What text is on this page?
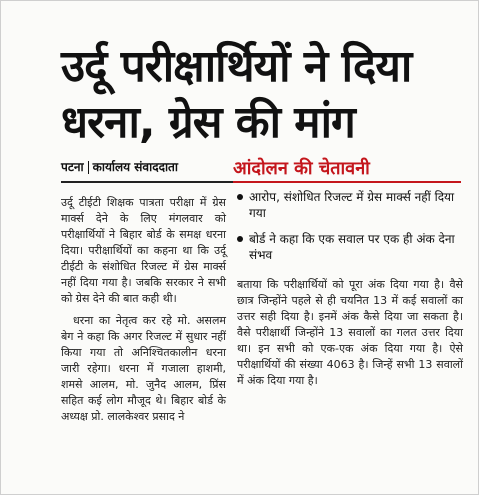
उर्दू परीक्षार्थियों ने दिया
धरना, ग्रेस की मांग
पटना कार्यालय संवाददाता	आंदोलन की चेतावनी
आरोप, संशोधित रिजल्ट में ग्रेस मार्क्स नहीं दिया गया
बोर्ड ने कहा कि एक सवाल पर एक ही अंक देना संभव

उर्दू टीईटी शिक्षक पात्रता परीक्षा में ग्रेस मार्क्स देने के लिए मंगलवार को परीक्षार्थियों ने बिहार बोर्ड के समक्ष धरना दिया। परीक्षार्थियों का कहना था कि उर्दू टीईटी के संशोधित रिजल्ट में ग्रेस मार्क्स नहीं दिया गया है। जबकि सरकार ने सभी को ग्रेस देने की बात कही थी।

धरना का नेतृत्व कर रहे मो. असलम बेग ने कहा कि अगर रिजल्ट में सुधार नहीं किया गया तो अनिश्चितकालीन धरना जारी रहेगा। धरना में गजाला हाशमी, शमसे आलम, मो. जुनैद आलम, प्रिंस सहित कई लोग मौजूद थे। बिहार बोर्ड के अध्यक्ष प्रो. लालकेश्वर प्रसाद ने

बताया कि परीक्षार्थियों को पूरा अंक दिया गया है। वैसे छात्र जिन्होंने पहले से ही चयनित 13 में कई सवालों का उत्तर सही दिया है। इनमें अंक कैसे दिया जा सकता है। वैसे परीक्षार्थी जिन्होंने 13 सवालों का गलत उत्तर दिया था। इन सभी को एक-एक अंक दिया गया है। ऐसे परीक्षार्थियों की संख्या 4063 है। जिन्हें सभी 13 सवालों में अंक दिया गया है।
